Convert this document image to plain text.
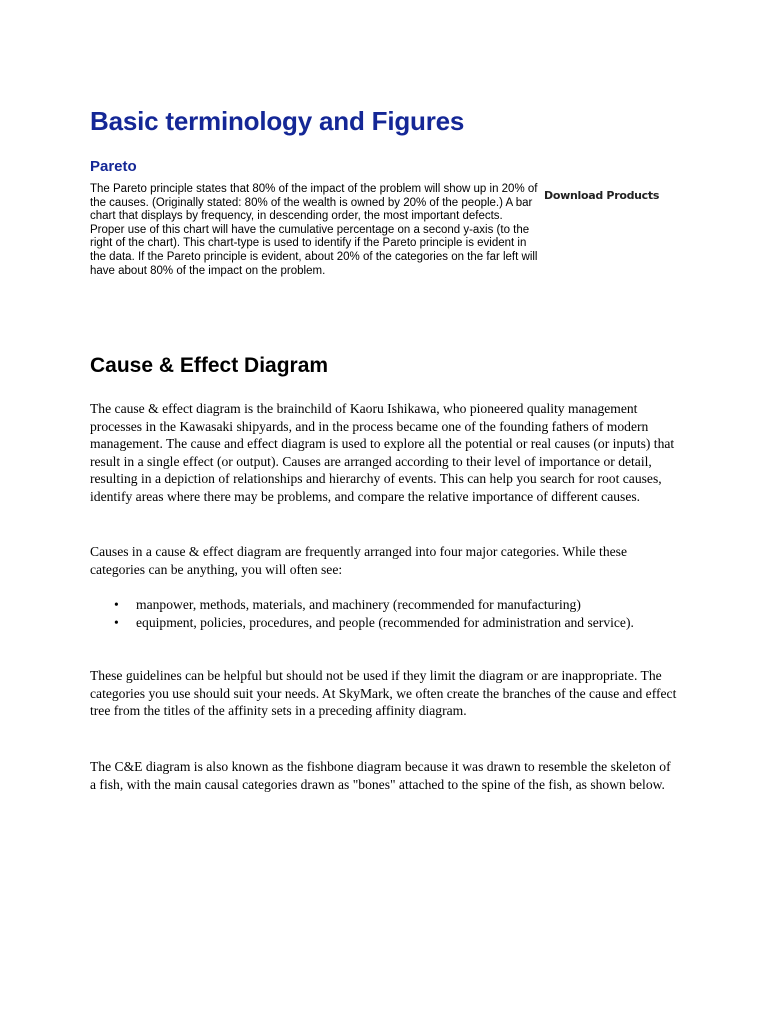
Basic terminology and Figures
Pareto

The Pareto principle states that 80% of the impact of the problem will show up in 20% of the causes. (Originally stated: 80% of the wealth is owned by 20% of the people.) A bar chart that displays by frequency, in descending order, the most important defects. Proper use of this chart will have the cumulative percentage on a second y-axis (to the right of the chart). This chart-type is used to identify if the Pareto principle is evident in the data. If the Pareto principle is evident, about 20% of the categories on the far left will have about 80% of the impact on the problem.

Download Products
Cause & Effect Diagram

The cause & effect diagram is the brainchild of Kaoru Ishikawa, who pioneered quality management processes in the Kawasaki shipyards, and in the process became one of the founding fathers of modern management. The cause and effect diagram is used to explore all the potential or real causes (or inputs) that result in a single effect (or output). Causes are arranged according to their level of importance or detail, resulting in a depiction of relationships and hierarchy of events. This can help you search for root causes, identify areas where there may be problems, and compare the relative importance of different causes.

Causes in a cause & effect diagram are frequently arranged into four major categories. While these categories can be anything, you will often see:

• manpower, methods, materials, and machinery (recommended for manufacturing)
• equipment, policies, procedures, and people (recommended for administration and service).

These guidelines can be helpful but should not be used if they limit the diagram or are inappropriate. The categories you use should suit your needs. At SkyMark, we often create the branches of the cause and effect tree from the titles of the affinity sets in a preceding affinity diagram.

The C&E diagram is also known as the fishbone diagram because it was drawn to resemble the skeleton of a fish, with the main causal categories drawn as "bones" attached to the spine of the fish, as shown below.
